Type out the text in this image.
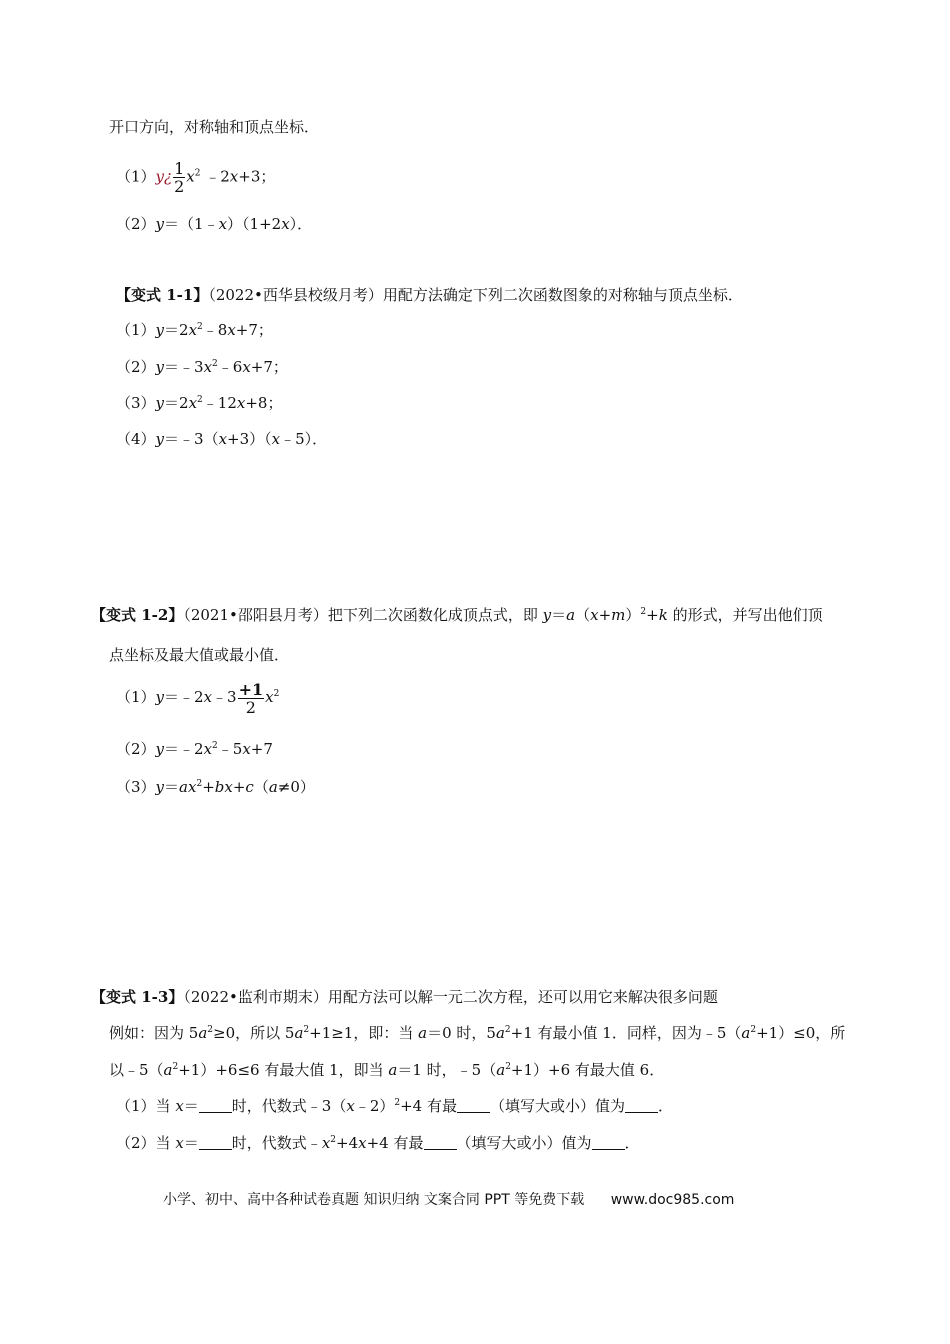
开口方向，对称轴和顶点坐标．
（1）y¿ $\frac{1}{2} x^2$ ﹣2x+3；
（2）y＝（1﹣x）（1+2x）．
【变式 1-1】（2022•西华县校级月考）用配方法确定下列二次函数图象的对称轴与顶点坐标．
$(1)y=2x^2﹣8x+7$；
$(2)y=﹣3x^2﹣6x+7$；
$(3)y=2x^2﹣12x+8$；
（4）y＝﹣3（x+3）（x﹣5）．
【变式 1-2】（2021•邵阳县月考）把下列二次函数化成顶点式，即 $y=a(x+m)^2+k$ 的形式，并写出他们顶
点坐标及最大值或最小值．
（1）y＝﹣2x﹣3 $\frac{+1}{2} x^2$
$(2)y=﹣2x^2﹣5x+7$
$(3)y=ax^2+bx+c(a\ne 0)$
【变式 1-3】（2022•监利市期末）用配方法可以解一元二次方程，还可以用它来解决很多问题
例如：因为 $5a^2\ge 0$，所以 $5a^2+1\ge 1$，即：当 a＝0 时，$5a^2+1$ 有最小值 1．同样，因为$﹣5(a^2+1)\le 0$，所
以$﹣5(a^2+1)+6\le 6$ 有最大值 1，即当 a＝1 时，$﹣5(a^2+1)+6$ 有最大值 6．
（1）当 x＝ 时，代数式﹣3（x﹣2）$^2$+4 有最 （填写大或小）值为 ．
（2）当 x＝ 时，代数式$﹣x^2+4x+4$ 有最 （填写大或小）值为 ．
小学、初中、高中各种试卷真题 知识归纳 文案合同 PPT 等免费下载 www.doc985.com
